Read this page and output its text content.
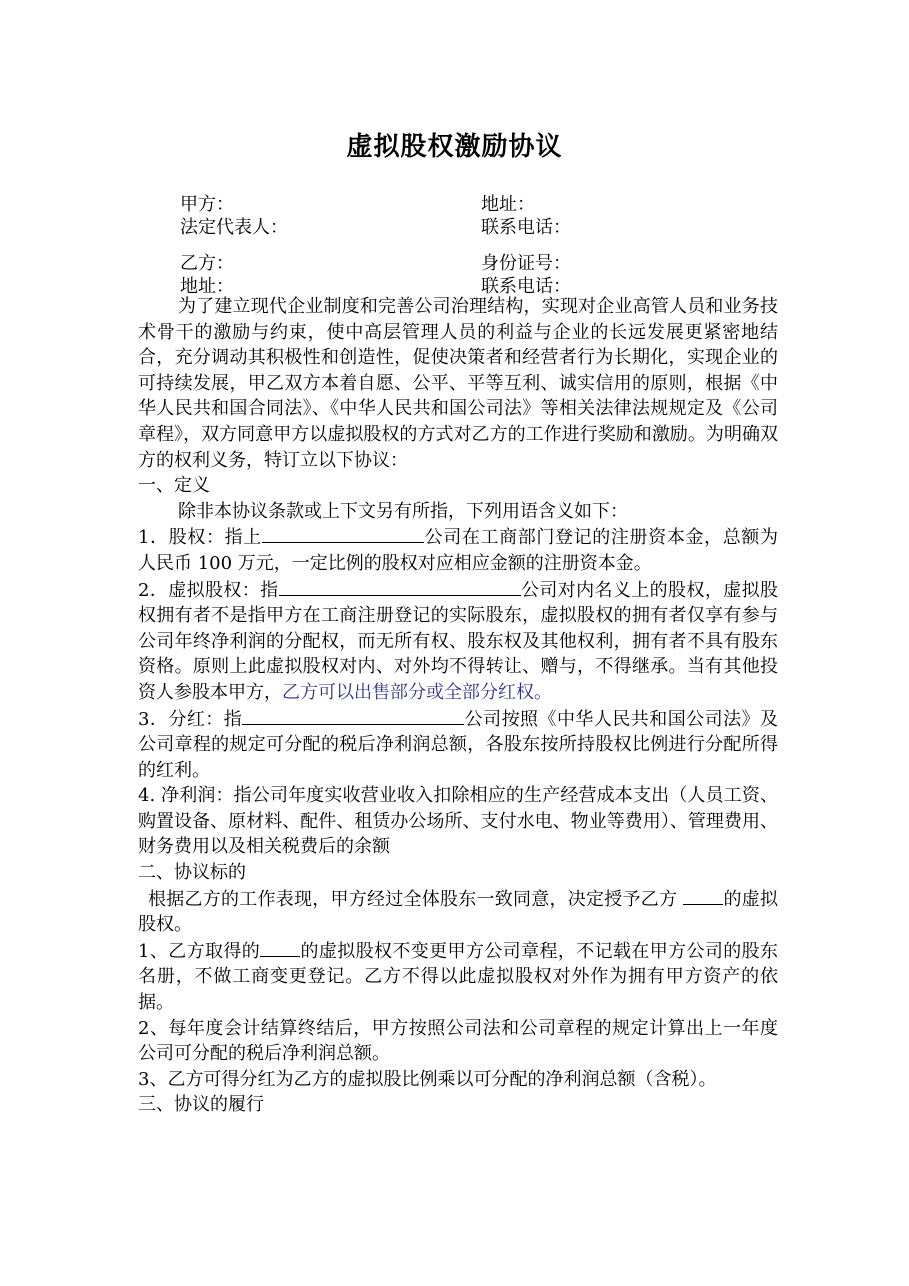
虚拟股权激励协议
甲方：	地址：
法定代表人：	联系电话：
乙方：	身份证号：
地址：	联系电话：

为了建立现代企业制度和完善公司治理结构，实现对企业高管人员和业务技术骨干的激励与约束，使中高层管理人员的利益与企业的长远发展更紧密地结合，充分调动其积极性和创造性，促使决策者和经营者行为长期化，实现企业的可持续发展，甲乙双方本着自愿、公平、平等互利、诚实信用的原则，根据《中华人民共和国合同法》、《中华人民共和国公司法》等相关法律法规规定及《公司章程》，双方同意甲方以虚拟股权的方式对乙方的工作进行奖励和激励。为明确双方的权利义务，特订立以下协议：

一、定义

除非本协议条款或上下文另有所指，下列用语含义如下：

1．股权：指上	公司在工商部门登记的注册资本金，总额为人民币 100 万元，一定比例的股权对应相应金额的注册资本金。

2．虚拟股权：指	公司对内名义上的股权，虚拟股权拥有者不是指甲方在工商注册登记的实际股东，虚拟股权的拥有者仅享有参与公司年终净利润的分配权，而无所有权、股东权及其他权利，拥有者不具有股东资格。原则上此虚拟股权对内、对外均不得转让、赠与，不得继承。当有其他投资人参股本甲方，乙方可以出售部分或全部分红权。

3．分红：指	公司按照《中华人民共和国公司法》及公司章程的规定可分配的税后净利润总额，各股东按所持股权比例进行分配所得的红利。

4. 净利润：指公司年度实收营业收入扣除相应的生产经营成本支出（人员工资、购置设备、原材料、配件、租赁办公场所、支付水电、物业等费用）、管理费用、财务费用以及相关税费后的余额

二、协议标的

根据乙方的工作表现，甲方经过全体股东一致同意，决定授予乙方 的虚拟股权。

1、乙方取得的 的虚拟股权不变更甲方公司章程，不记载在甲方公司的股东名册，不做工商变更登记。乙方不得以此虚拟股权对外作为拥有甲方资产的依据。

2、每年度会计结算终结后，甲方按照公司法和公司章程的规定计算出上一年度公司可分配的税后净利润总额。

3、乙方可得分红为乙方的虚拟股比例乘以可分配的净利润总额（含税）。

三、协议的履行
